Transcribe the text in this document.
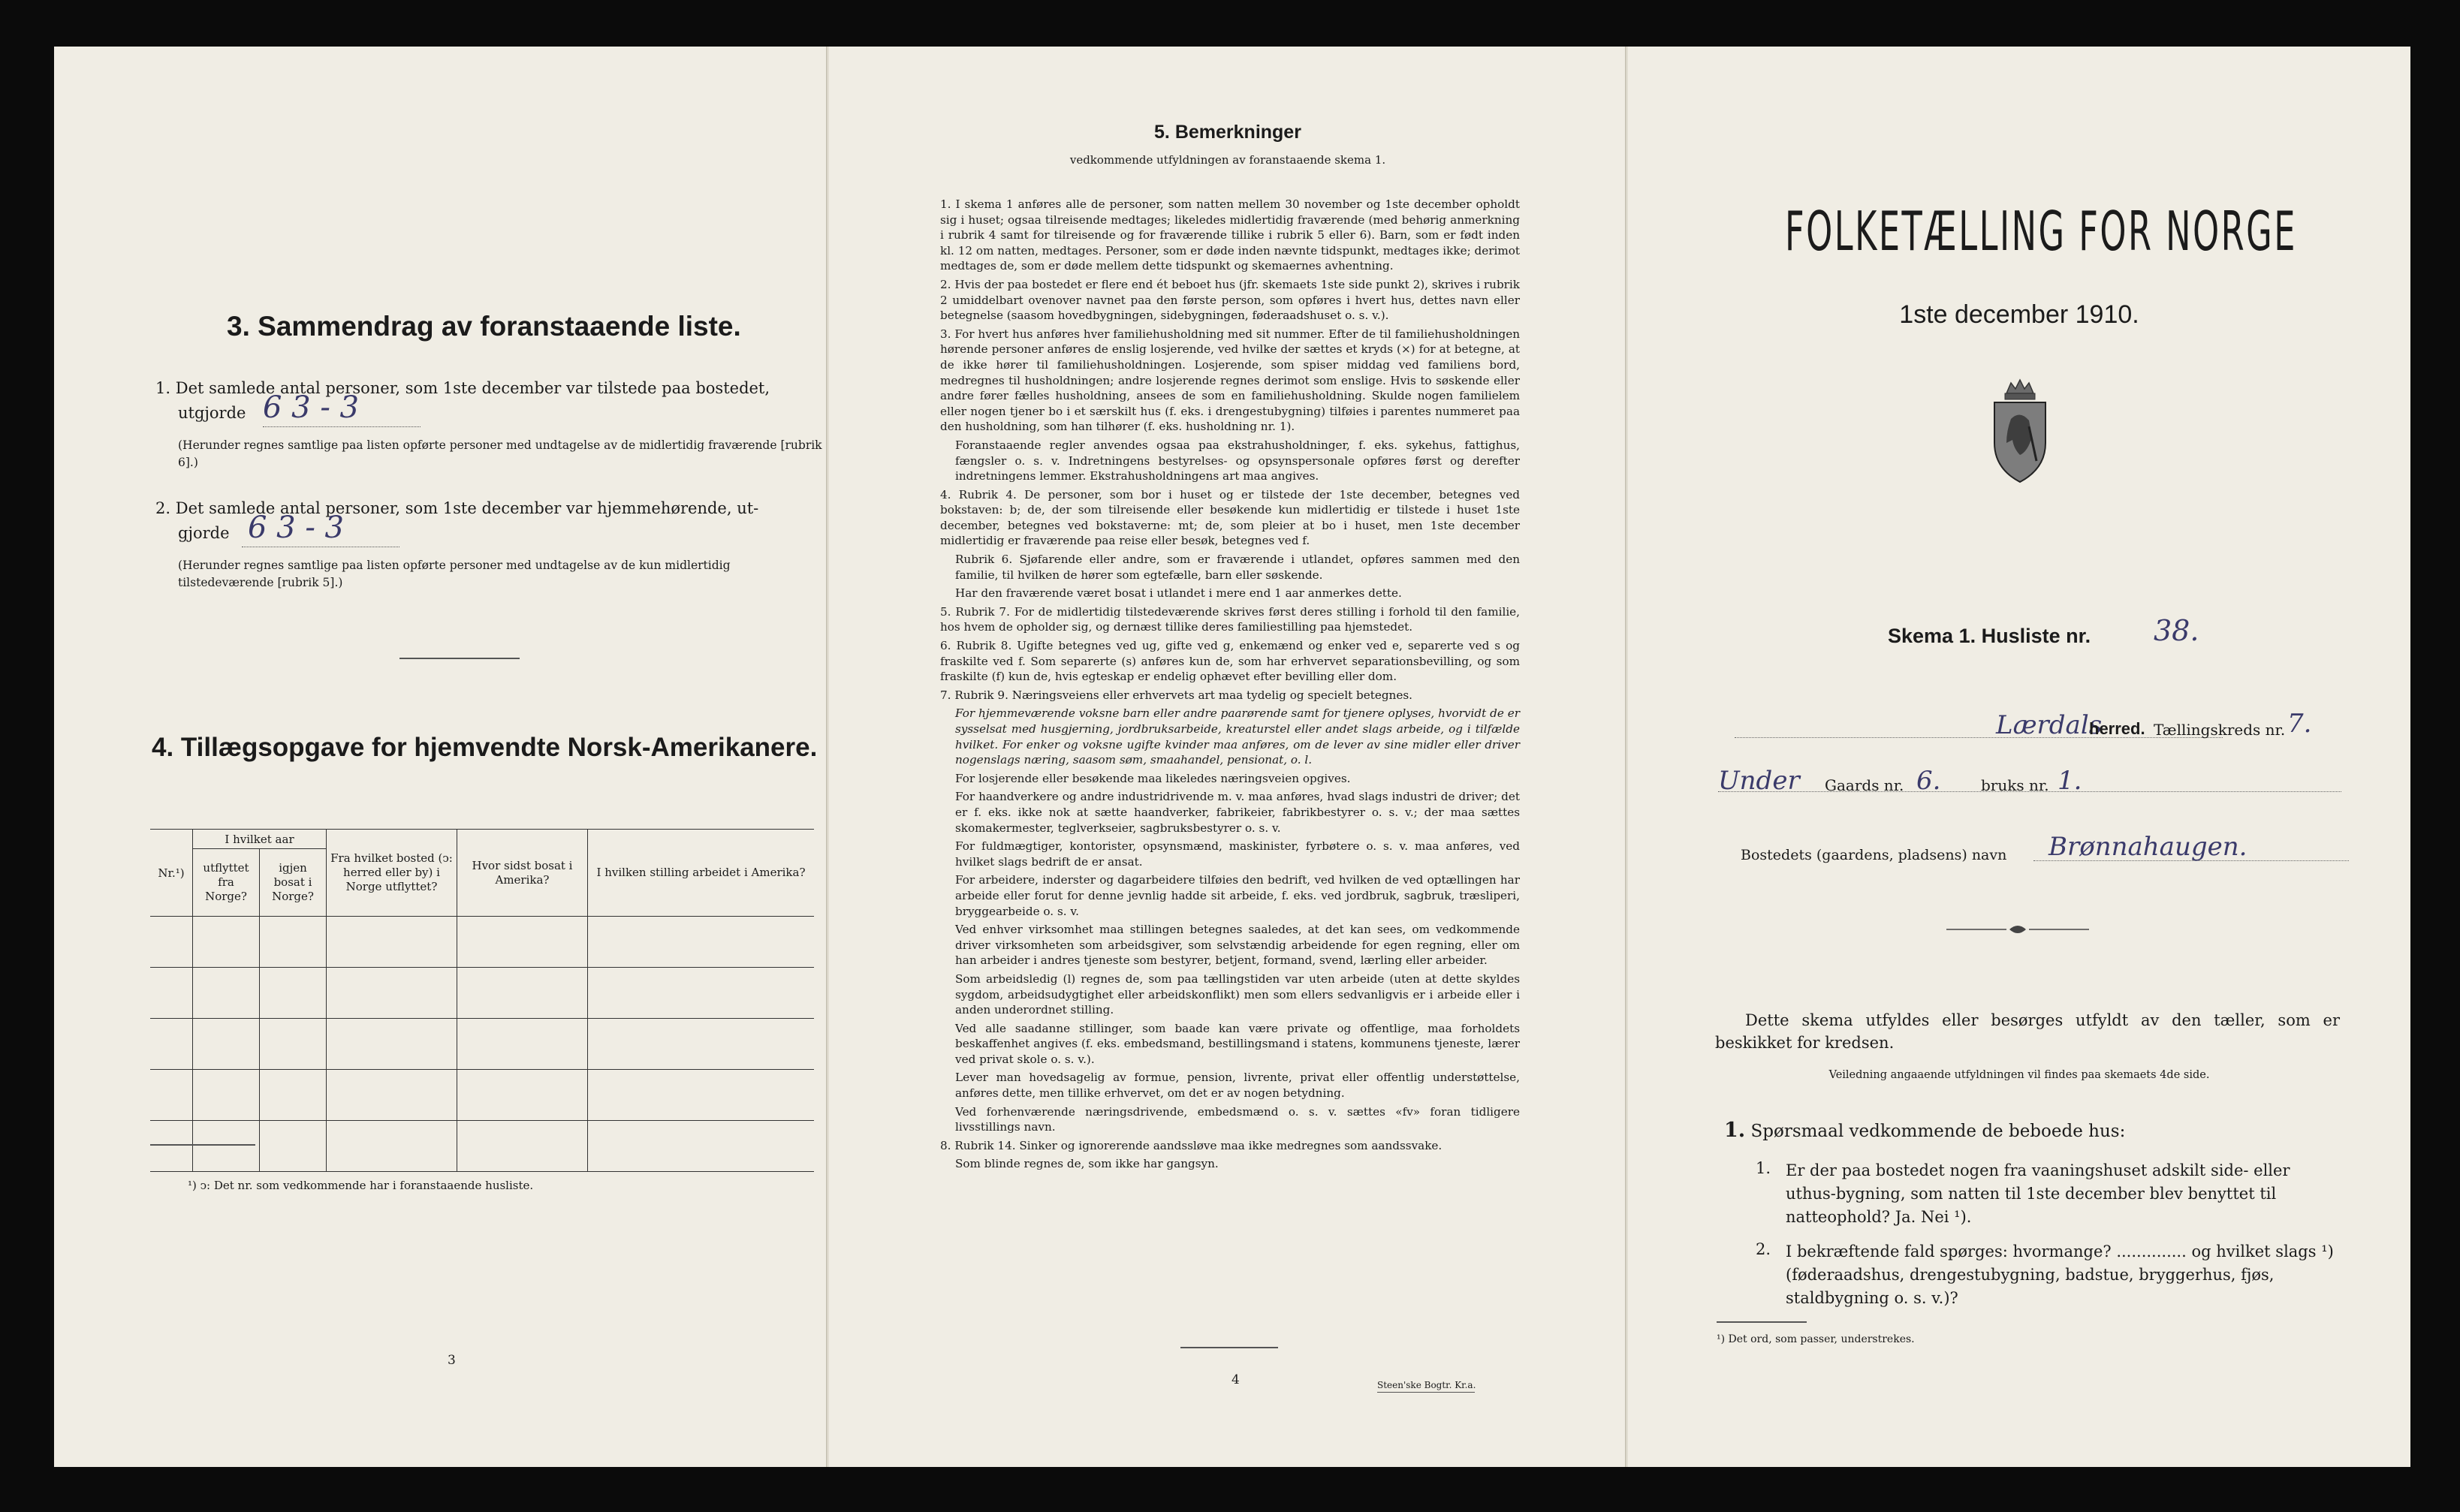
3. Sammendrag av foranstaaende liste.
1. Det samlede antal personer, som 1ste december var tilstede paa bostedet,
utgjorde 6 3 - 3
(Herunder regnes samtlige paa listen opførte personer med undtagelse av de midlertidig fraværende [rubrik 6].)
2. Det samlede antal personer, som 1ste december var hjemmehørende, ut-
gjorde 6 3 - 3
(Herunder regnes samtlige paa listen opførte personer med undtagelse av de kun midlertidig tilstedeværende [rubrik 5].)
4. Tillægsopgave for hjemvendte Norsk-Amerikanere.
Nr.¹)	I hvilket aar		Fra hvilket bosted (ↄ: herred eller by) i Norge utflyttet?	Hvor sidst bosat i Amerika?	I hvilken stilling arbeidet i Amerika?
	utflyttet fra Norge?	igjen bosat i Norge?			

¹) ↄ: Det nr. som vedkommende har i foranstaaende husliste.
3
5. Bemerkninger
vedkommende utfyldningen av foranstaaende skema 1.

1. I skema 1 anføres alle de personer, som natten mellem 30 november og 1ste december opholdt sig i huset; ogsaa tilreisende medtages; likeledes midlertidig fraværende (med behørig anmerkning i rubrik 4 samt for tilreisende og for fraværende tillike i rubrik 5 eller 6). Barn, som er født inden kl. 12 om natten, medtages. Personer, som er døde inden nævnte tidspunkt, medtages ikke; derimot medtages de, som er døde mellem dette tidspunkt og skemaernes avhentning.

2. Hvis der paa bostedet er flere end ét beboet hus (jfr. skemaets 1ste side punkt 2), skrives i rubrik 2 umiddelbart ovenover navnet paa den første person, som opføres i hvert hus, dettes navn eller betegnelse (saasom hovedbygningen, sidebygningen, føderaadshuset o. s. v.).

3. For hvert hus anføres hver familiehusholdning med sit nummer. Efter de til familiehusholdningen hørende personer anføres de enslig losjerende, ved hvilke der sættes et kryds (×) for at betegne, at de ikke hører til familiehusholdningen. Losjerende, som spiser middag ved familiens bord, medregnes til husholdningen; andre losjerende regnes derimot som enslige. Hvis to søskende eller andre fører fælles husholdning, ansees de som en familiehusholdning. Skulde nogen familielem eller nogen tjener bo i et særskilt hus (f. eks. i drengestubygning) tilføies i parentes nummeret paa den husholdning, som han tilhører (f. eks. husholdning nr. 1).

Foranstaaende regler anvendes ogsaa paa ekstrahusholdninger, f. eks. sykehus, fattighus, fængsler o. s. v. Indretningens bestyrelses- og opsynspersonale opføres først og derefter indretningens lemmer. Ekstrahusholdningens art maa angives.

4. Rubrik 4. De personer, som bor i huset og er tilstede der 1ste december, betegnes ved bokstaven: b; de, der som tilreisende eller besøkende kun midlertidig er tilstede i huset 1ste december, betegnes ved bokstaverne: mt; de, som pleier at bo i huset, men 1ste december midlertidig er fraværende paa reise eller besøk, betegnes ved f.

Rubrik 6. Sjøfarende eller andre, som er fraværende i utlandet, opføres sammen med den familie, til hvilken de hører som egtefælle, barn eller søskende.

Har den fraværende været bosat i utlandet i mere end 1 aar anmerkes dette.

5. Rubrik 7. For de midlertidig tilstedeværende skrives først deres stilling i forhold til den familie, hos hvem de opholder sig, og dernæst tillike deres familiestilling paa hjemstedet.

6. Rubrik 8. Ugifte betegnes ved ug, gifte ved g, enkemænd og enker ved e, separerte ved s og fraskilte ved f. Som separerte (s) anføres kun de, som har erhvervet separationsbevilling, og som fraskilte (f) kun de, hvis egteskap er endelig ophævet efter bevilling eller dom.

7. Rubrik 9. Næringsveiens eller erhvervets art maa tydelig og specielt betegnes.

For hjemmeværende voksne barn eller andre paarørende samt for tjenere oplyses, hvorvidt de er sysselsat med husgjerning, jordbruksarbeide, kreaturstel eller andet slags arbeide, og i tilfælde hvilket. For enker og voksne ugifte kvinder maa anføres, om de lever av sine midler eller driver nogenslags næring, saasom søm, smaahandel, pensionat, o. l.

For losjerende eller besøkende maa likeledes næringsveien opgives.

For haandverkere og andre industridrivende m. v. maa anføres, hvad slags industri de driver; det er f. eks. ikke nok at sætte haandverker, fabrikeier, fabrikbestyrer o. s. v.; der maa sættes skomakermester, teglverkseier, sagbruksbestyrer o. s. v.

For fuldmægtiger, kontorister, opsynsmænd, maskinister, fyrbøtere o. s. v. maa anføres, ved hvilket slags bedrift de er ansat.

For arbeidere, inderster og dagarbeidere tilføies den bedrift, ved hvilken de ved optællingen har arbeide eller forut for denne jevnlig hadde sit arbeide, f. eks. ved jordbruk, sagbruk, træsliperi, bryggearbeide o. s. v.

Ved enhver virksomhet maa stillingen betegnes saaledes, at det kan sees, om vedkommende driver virksomheten som arbeidsgiver, som selvstændig arbeidende for egen regning, eller om han arbeider i andres tjeneste som bestyrer, betjent, formand, svend, lærling eller arbeider.

Som arbeidsledig (l) regnes de, som paa tællingstiden var uten arbeide (uten at dette skyldes sygdom, arbeidsudygtighet eller arbeidskonflikt) men som ellers sedvanligvis er i arbeide eller i anden underordnet stilling.

Ved alle saadanne stillinger, som baade kan være private og offentlige, maa forholdets beskaffenhet angives (f. eks. embedsmand, bestillingsmand i statens, kommunens tjeneste, lærer ved privat skole o. s. v.).

Lever man hovedsagelig av formue, pension, livrente, privat eller offentlig understøttelse, anføres dette, men tillike erhvervet, om det er av nogen betydning.

Ved forhenværende næringsdrivende, embedsmænd o. s. v. sættes «fv» foran tidligere livsstillings navn.

8. Rubrik 14. Sinker og ignorerende aandssløve maa ikke medregnes som aandssvake.

Som blinde regnes de, som ikke har gangsyn.

4	Steen'ske Bogtr. Kr.a.
FOLKETÆLLING FOR NORGE
1ste december 1910.
Skema 1. Husliste nr. 38.
Lærdals
herred. Tællingskreds nr. 7.
Under Gaards nr. 6.	bruks nr. 1.
Bostedets (gaardens, pladsens) navn Brønnahaugen.
Dette skema utfyldes eller besørges utfyldt av den tæller, som er beskikket for kredsen.
Veiledning angaaende utfyldningen vil findes paa skemaets 4de side.
1. Spørsmaal vedkommende de beboede hus:
1. Er der paa bostedet nogen fra vaaningshuset adskilt side- eller uthus-bygning, som natten til 1ste december blev benyttet til natteophold? Ja. Nei ¹).
2. I bekræftende fald spørges: hvormange? .............. og hvilket slags ¹) (føderaadshus, drengestubygning, badstue, bryggerhus, fjøs, staldbygning o. s. v.)?
¹) Det ord, som passer, understrekes.
